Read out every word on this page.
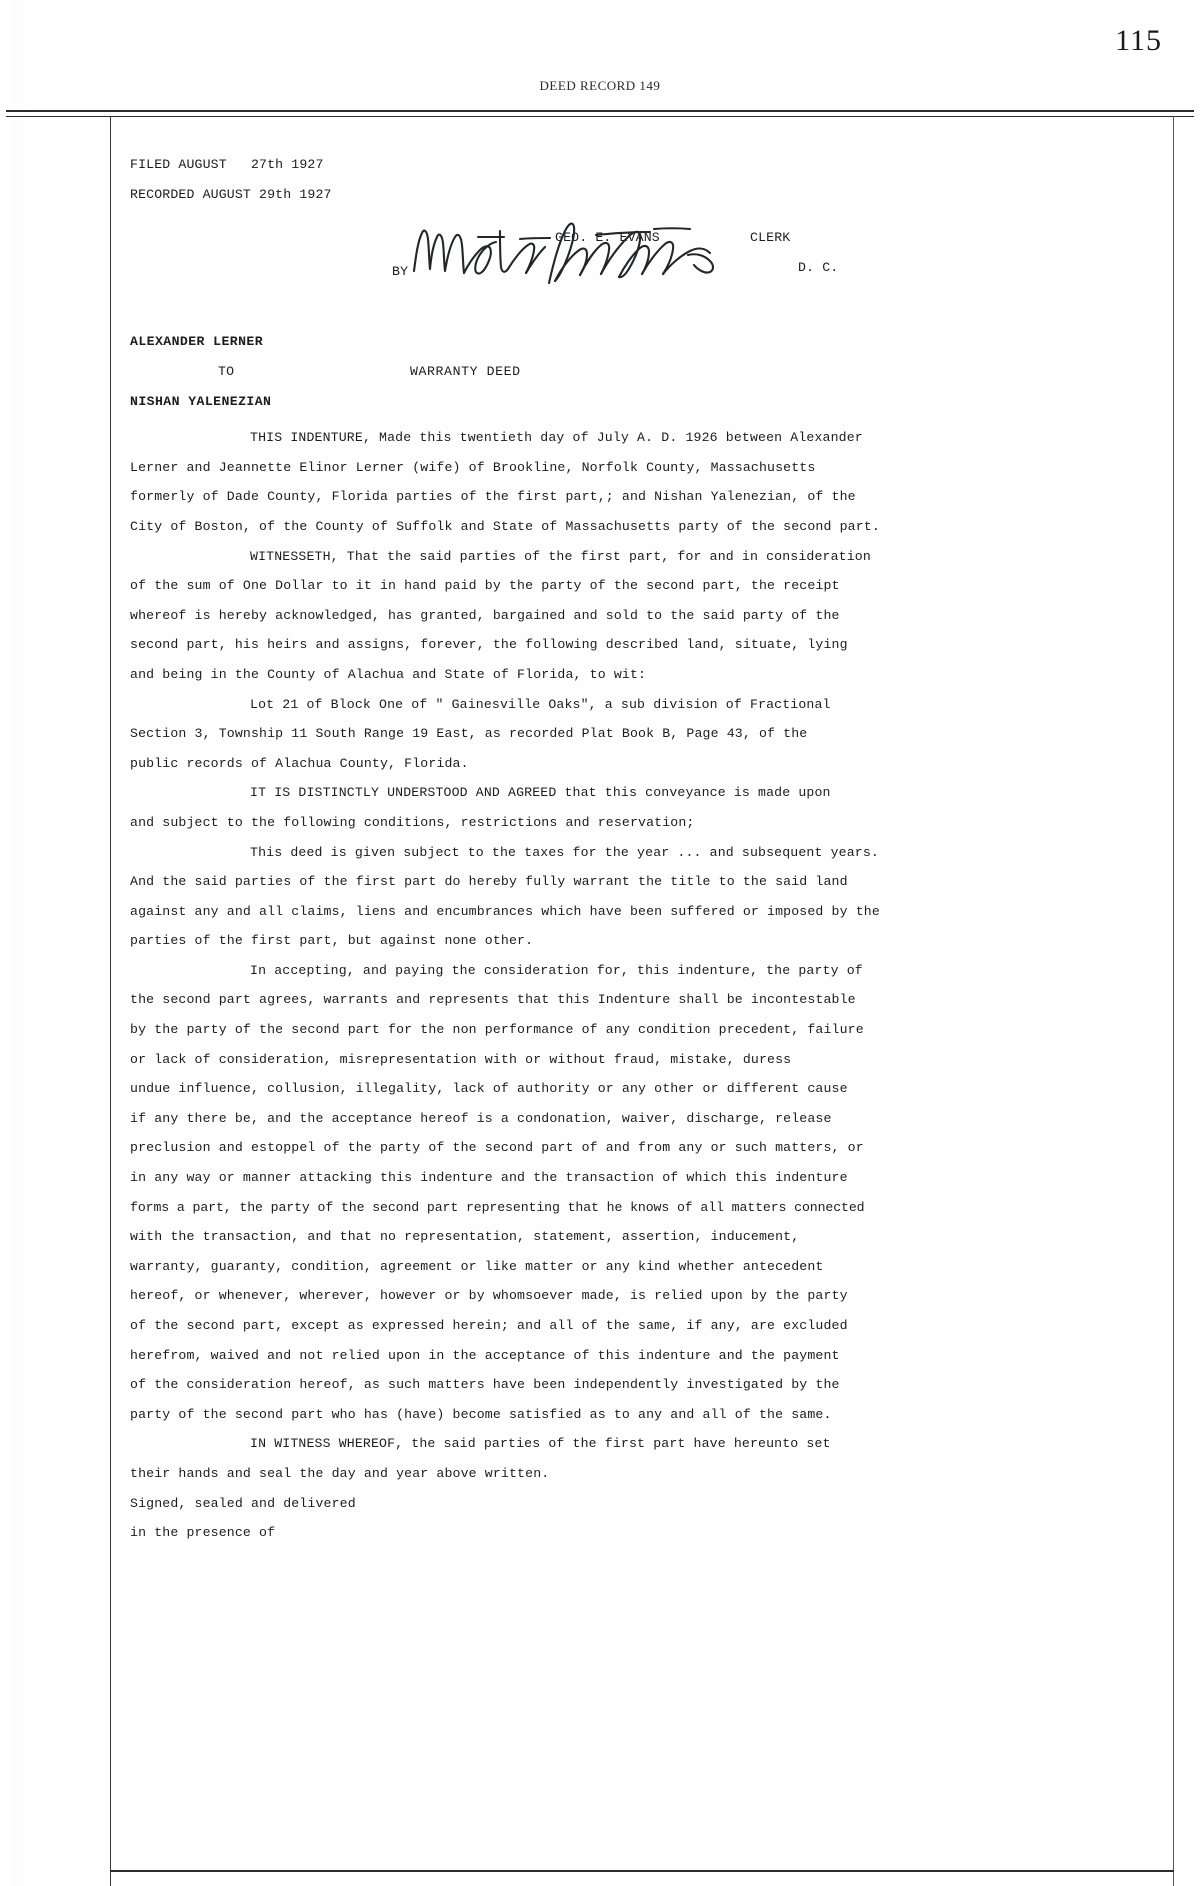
115
DEED RECORD 149
FILED AUGUST   27th 1927
RECORDED AUGUST 29th 1927
GEO. E. EVANS	CLERK
D. C.
BY
ALEXANDER LERNER
TO
NISHAN YALENEZIAN
WARRANTY DEED

THIS INDENTURE, Made this twentieth day of July A. D. 1926 between Alexander

Lerner and Jeannette Elinor Lerner (wife) of Brookline, Norfolk County, Massachusetts

formerly of Dade County, Florida parties of the first part,; and Nishan Yalenezian, of the

City of Boston, of the County of Suffolk and State of Massachusetts party of the second part.

WITNESSETH, That the said parties of the first part, for and in consideration

of the sum of One Dollar to it in hand paid by the party of the second part, the receipt

whereof is hereby acknowledged, has granted, bargained and sold to the said party of the

second part, his heirs and assigns, forever, the following described land, situate, lying

and being in the County of Alachua and State of Florida, to wit:

Lot 21 of Block One of " Gainesville Oaks", a sub division of Fractional

Section 3, Township 11 South Range 19 East, as recorded Plat Book B, Page 43, of the

public records of Alachua County, Florida.

IT IS DISTINCTLY UNDERSTOOD AND AGREED that this conveyance is made upon

and subject to the following conditions, restrictions and reservation;

This deed is given subject to the taxes for the year ... and subsequent years.

And the said parties of the first part do hereby fully warrant the title to the said land

against any and all claims, liens and encumbrances which have been suffered or imposed by the

parties of the first part, but against none other.

In accepting, and paying the consideration for, this indenture, the party of

the second part agrees, warrants and represents that this Indenture shall be incontestable

by the party of the second part for the non performance of any condition precedent, failure

or lack of consideration, misrepresentation with or without fraud, mistake, duress

undue influence, collusion, illegality, lack of authority or any other or different cause

if any there be, and the acceptance hereof is a condonation, waiver, discharge, release

preclusion and estoppel of the party of the second part of and from any or such matters, or

in any way or manner attacking this indenture and the transaction of which this indenture

forms a part, the party of the second part representing that he knows of all matters connected

with the transaction, and that no representation, statement, assertion, inducement,

warranty, guaranty, condition, agreement or like matter or any kind whether antecedent

hereof, or whenever, wherever, however or by whomsoever made, is relied upon by the party

of the second part, except as expressed herein; and all of the same, if any, are excluded

herefrom, waived and not relied upon in the acceptance of this indenture and the payment

of the consideration hereof, as such matters have been independently investigated by the

party of the second part who has (have) become satisfied as to any and all of the same.

IN WITNESS WHEREOF, the said parties of the first part have hereunto set

their hands and seal the day and year above written.

Signed, sealed and delivered

in the presence of
